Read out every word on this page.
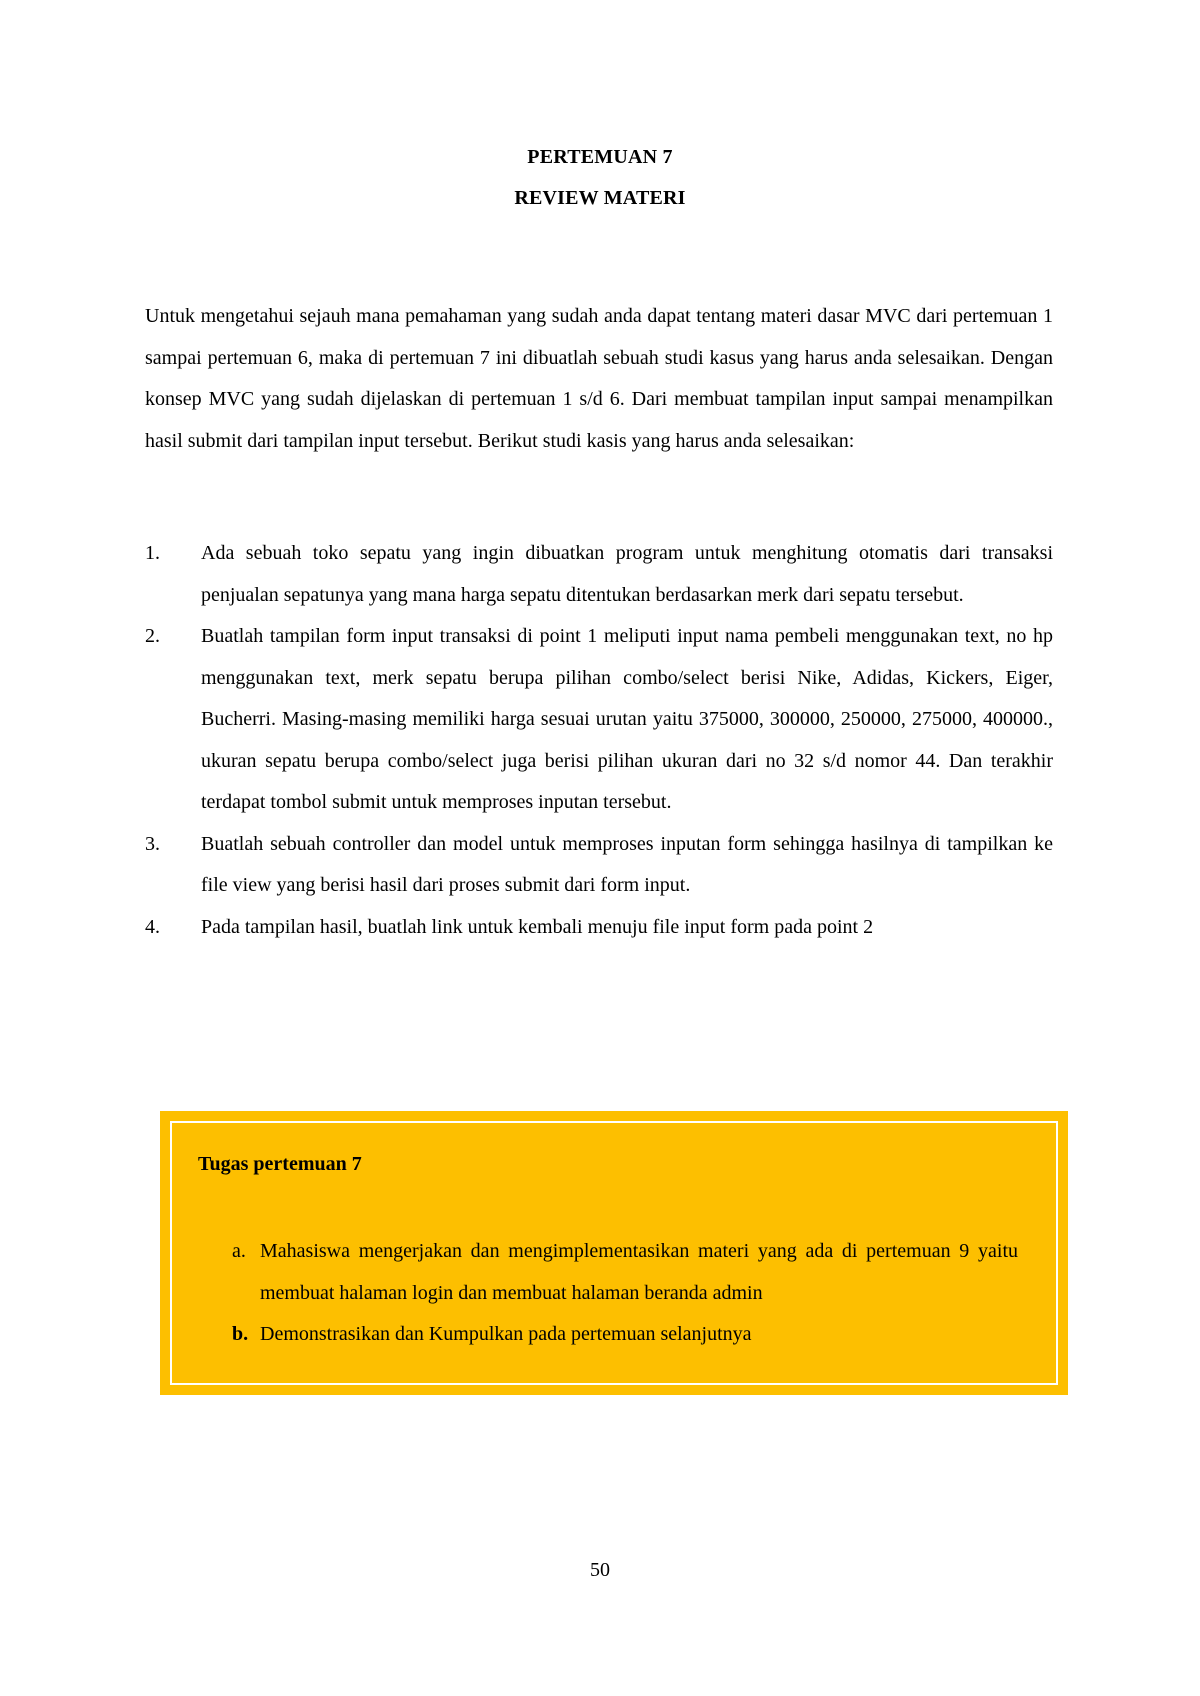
PERTEMUAN 7
REVIEW MATERI

Untuk mengetahui sejauh mana pemahaman yang sudah anda dapat tentang materi dasar MVC dari pertemuan 1 sampai pertemuan 6, maka di pertemuan 7 ini dibuatlah sebuah studi kasus yang harus anda selesaikan. Dengan konsep MVC yang sudah dijelaskan di pertemuan 1 s/d 6. Dari membuat tampilan input sampai menampilkan hasil submit dari tampilan input tersebut. Berikut studi kasis yang harus anda selesaikan:

1. Ada sebuah toko sepatu yang ingin dibuatkan program untuk menghitung otomatis dari transaksi penjualan sepatunya yang mana harga sepatu ditentukan berdasarkan merk dari sepatu tersebut.
2. Buatlah tampilan form input transaksi di point 1 meliputi input nama pembeli menggunakan text, no hp menggunakan text, merk sepatu berupa pilihan combo/select berisi Nike, Adidas, Kickers, Eiger, Bucherri. Masing-masing memiliki harga sesuai urutan yaitu 375000, 300000, 250000, 275000, 400000., ukuran sepatu berupa combo/select juga berisi pilihan ukuran dari no 32 s/d nomor 44. Dan terakhir terdapat tombol submit untuk memproses inputan tersebut.
3. Buatlah sebuah controller dan model untuk memproses inputan form sehingga hasilnya di tampilkan ke file view yang berisi hasil dari proses submit dari form input.
4. Pada tampilan hasil, buatlah link untuk kembali menuju file input form pada point 2
Tugas pertemuan 7
a. Mahasiswa mengerjakan dan mengimplementasikan materi yang ada di pertemuan 9 yaitu membuat halaman login dan membuat halaman beranda admin
b. Demonstrasikan dan Kumpulkan pada pertemuan selanjutnya
50
